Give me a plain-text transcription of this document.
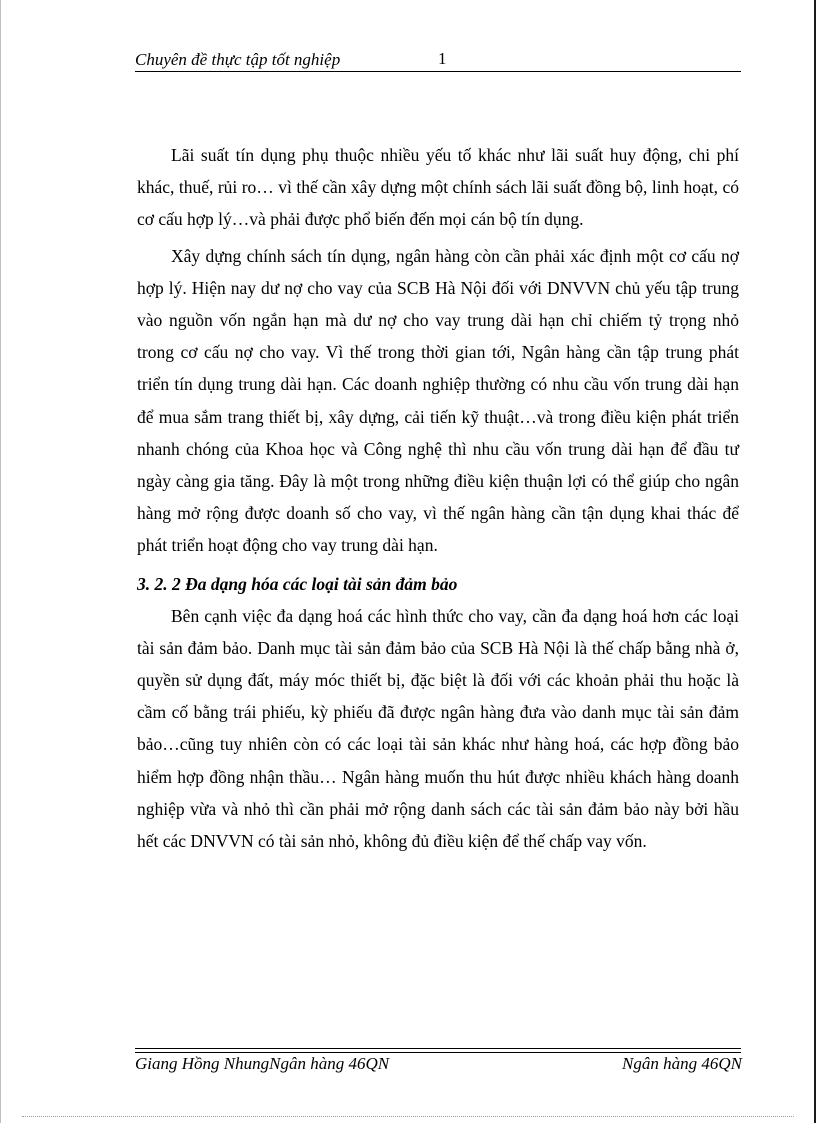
Chuyên đề thực tập tốt nghiệp	1

Lãi suất tín dụng phụ thuộc nhiều yếu tố khác như lãi suất huy động, chi phí khác, thuế, rủi ro… vì thế cần xây dựng một chính sách lãi suất đồng bộ, linh hoạt, có cơ cấu hợp lý…và phải được phổ biến đến mọi cán bộ tín dụng.

Xây dựng chính sách tín dụng, ngân hàng còn cần phải xác định một cơ cấu nợ hợp lý. Hiện nay dư nợ cho vay của SCB Hà Nội đối với DNVVN chủ yếu tập trung vào nguồn vốn ngắn hạn mà dư nợ cho vay trung dài hạn chỉ chiếm tỷ trọng nhỏ trong cơ cấu nợ cho vay. Vì thế trong thời gian tới, Ngân hàng cần tập trung phát triển tín dụng trung dài hạn. Các doanh nghiệp thường có nhu cầu vốn trung dài hạn để mua sắm trang thiết bị, xây dựng, cải tiến kỹ thuật…và trong điều kiện phát triển nhanh chóng của Khoa học và Công nghệ thì nhu cầu vốn trung dài hạn để đầu tư ngày càng gia tăng. Đây là một trong những điều kiện thuận lợi có thể giúp cho ngân hàng mở rộng được doanh số cho vay, vì thế ngân hàng cần tận dụng khai thác để phát triển hoạt động cho vay trung dài hạn.

3. 2. 2 Đa dạng hóa các loại tài sản đảm bảo

Bên cạnh việc đa dạng hoá các hình thức cho vay, cần đa dạng hoá hơn các loại tài sản đảm bảo. Danh mục tài sản đảm bảo của SCB Hà Nội là thế chấp bằng nhà ở, quyền sử dụng đất, máy móc thiết bị, đặc biệt là đối với các khoản phải thu hoặc là cầm cố bằng trái phiếu, kỳ phiếu đã được ngân hàng đưa vào danh mục tài sản đảm bảo…cũng tuy nhiên còn có các loại tài sản khác như hàng hoá, các hợp đồng bảo hiểm hợp đồng nhận thầu… Ngân hàng muốn thu hút được nhiều khách hàng doanh nghiệp vừa và nhỏ thì cần phải mở rộng danh sách các tài sản đảm bảo này bởi hầu hết các DNVVN có tài sản nhỏ, không đủ điều kiện để thế chấp vay vốn.

Giang Hồng NhungNgân hàng 46QN	Ngân hàng 46QN
